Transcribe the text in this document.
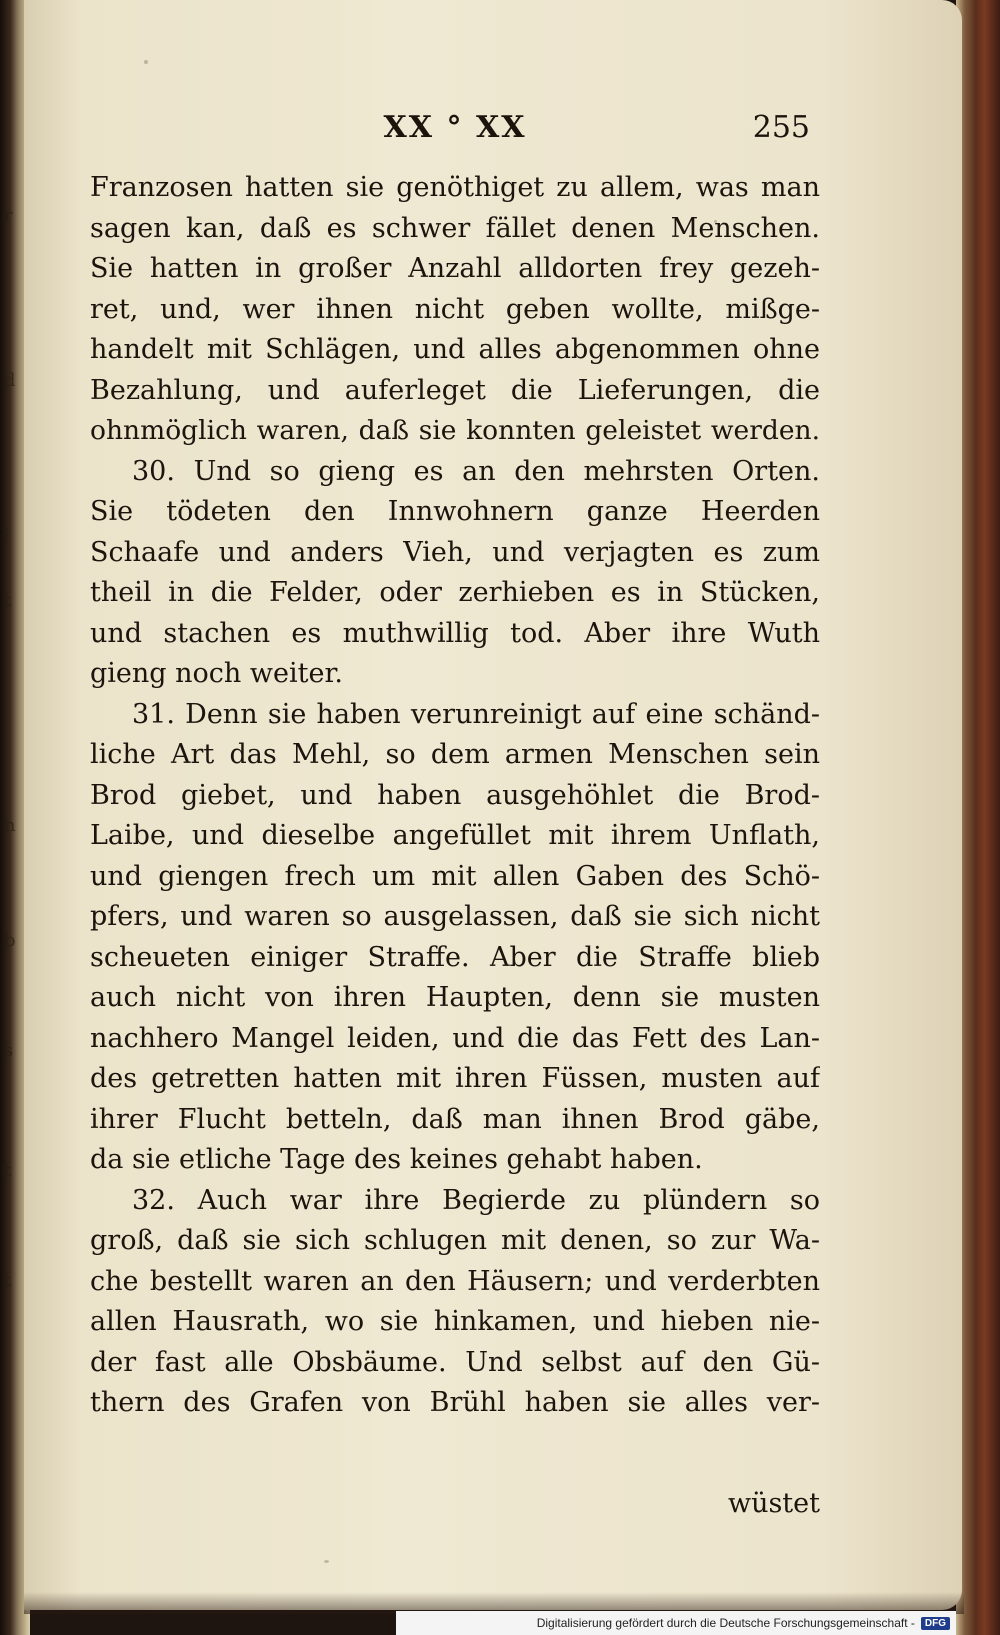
r
d
;
t
n
b
s
t
t
XX ° XX	255
Franzosen hatten sie genöthiget zu allem, was man
sagen kan, daß es schwer fället denen Menschen.
Sie hatten in großer Anzahl alldorten frey gezeh-
ret, und, wer ihnen nicht geben wollte, mißge-
handelt mit Schlägen, und alles abgenommen ohne
Bezahlung, und auferleget die Lieferungen, die
ohnmöglich waren, daß sie konnten geleistet werden.
30. Und so gieng es an den mehrsten Orten.
Sie tödeten den Innwohnern ganze Heerden
Schaafe und anders Vieh, und verjagten es zum
theil in die Felder, oder zerhieben es in Stücken,
und stachen es muthwillig tod. Aber ihre Wuth
gieng noch weiter.
31. Denn sie haben verunreinigt auf eine schänd-
liche Art das Mehl, so dem armen Menschen sein
Brod giebet, und haben ausgehöhlet die Brod-
Laibe, und dieselbe angefüllet mit ihrem Unflath,
und giengen frech um mit allen Gaben des Schö-
pfers, und waren so ausgelassen, daß sie sich nicht
scheueten einiger Straffe. Aber die Straffe blieb
auch nicht von ihren Haupten, denn sie musten
nachhero Mangel leiden, und die das Fett des Lan-
des getretten hatten mit ihren Füssen, musten auf
ihrer Flucht betteln, daß man ihnen Brod gäbe,
da sie etliche Tage des keines gehabt haben.
32. Auch war ihre Begierde zu plündern so
groß, daß sie sich schlugen mit denen, so zur Wa-
che bestellt waren an den Häusern; und verderbten
allen Hausrath, wo sie hinkamen, und hieben nie-
der fast alle Obsbäume. Und selbst auf den Gü-
thern des Grafen von Brühl haben sie alles ver-
wüstet
Digitalisierung gefördert durch die Deutsche Forschungsgemeinschaft -	DFG
